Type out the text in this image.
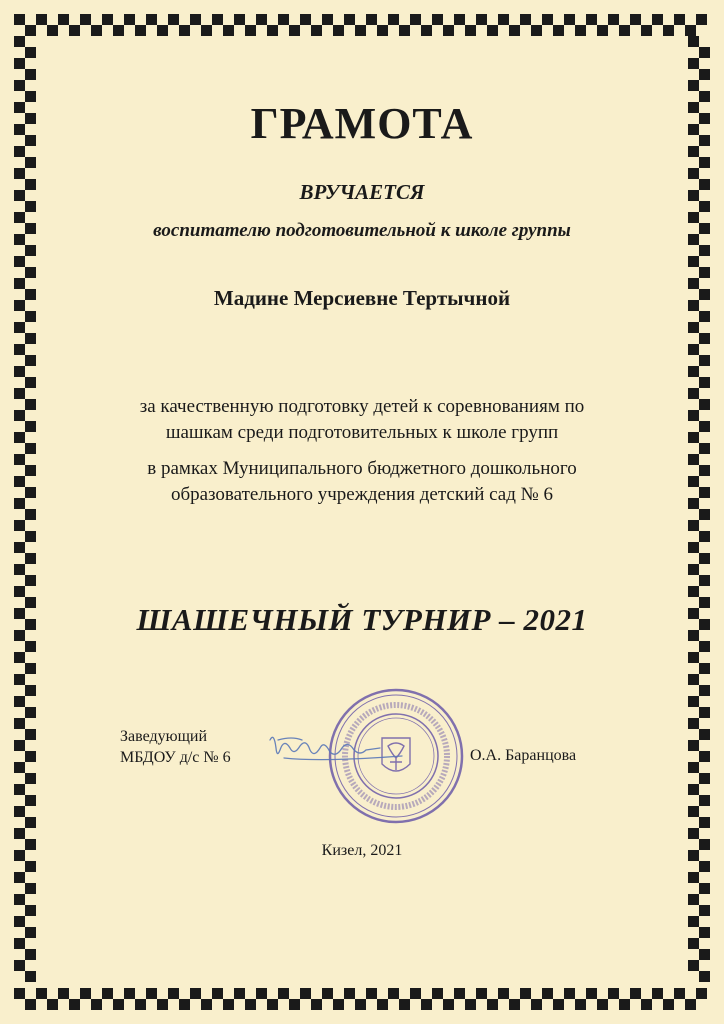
ГРАМОТА
ВРУЧАЕТСЯ
воспитателю подготовительной к школе группы
Мадине Мерсиевне Тертычной
за качественную подготовку детей к соревнованиям по
шашкам среди подготовительных к школе групп
в рамках Муниципального бюджетного дошкольного
образовательного учреждения детский сад № 6
ШАШЕЧНЫЙ ТУРНИР – 2021
Заведующий
МБДОУ д/с № 6	О.А. Баранцова
Кизел, 2021
